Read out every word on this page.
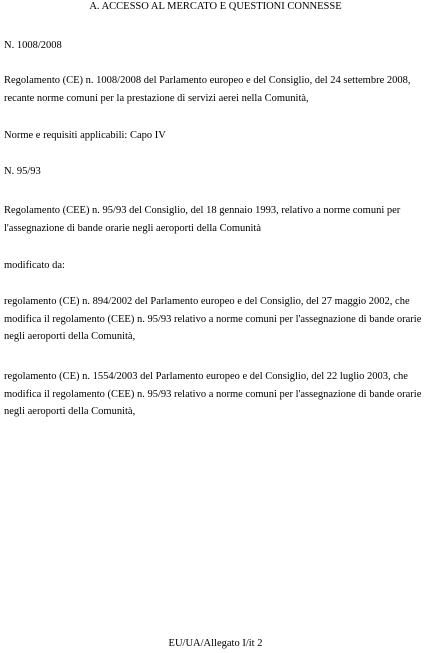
A. ACCESSO AL MERCATO E QUESTIONI CONNESSE

N. 1008/2008

Regolamento (CE) n. 1008/2008 del Parlamento europeo e del Consiglio, del 24 settembre 2008, recante norme comuni per la prestazione di servizi aerei nella Comunità,

Norme e requisiti applicabili: Capo IV

N. 95/93

Regolamento (CEE) n. 95/93 del Consiglio, del 18 gennaio 1993, relativo a norme comuni per l'assegnazione di bande orarie negli aeroporti della Comunità

modificato da:

regolamento (CE) n. 894/2002 del Parlamento europeo e del Consiglio, del 27 maggio 2002, che modifica il regolamento (CEE) n. 95/93 relativo a norme comuni per l'assegnazione di bande orarie negli aeroporti della Comunità,

regolamento (CE) n. 1554/2003 del Parlamento europeo e del Consiglio, del 22 luglio 2003, che modifica il regolamento (CEE) n. 95/93 relativo a norme comuni per l'assegnazione di bande orarie negli aeroporti della Comunità,

EU/UA/Allegato I/it 2
